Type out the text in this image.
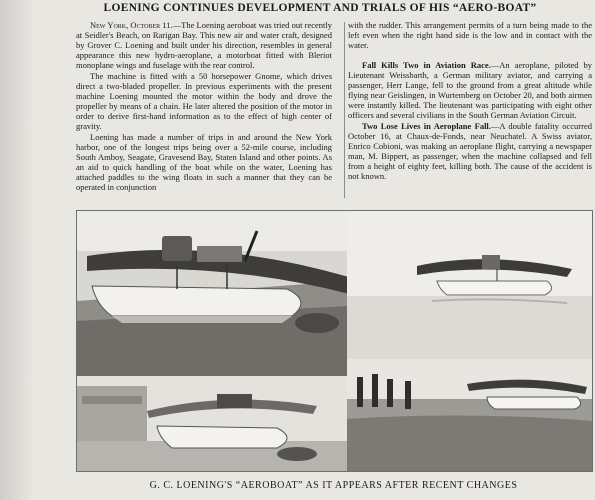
LOENING CONTINUES DEVELOPMENT AND TRIALS OF HIS “AERO-BOAT”

New York, October 11.—The Loening aeroboat was tried out recently at Seidler's Beach, on Rarigan Bay. This new air and water craft, designed by Grover C. Loening and built under his direction, resembles in general appearance this new hydro-aeroplane, a motorboat fitted with Bleriot monoplane wings and fuselage with the rear control.

The machine is fitted with a 50 horsepower Gnome, which drives direct a two-bladed propeller. In previous experiments with the present machine Loening mounted the motor within the body and drove the propeller by means of a chain. He later altered the position of the motor in order to derive first-hand information as to the effect of high center of gravity.

Loening has made a number of trips in and around the New York harbor, one of the longest trips being over a 52-mile course, including South Amboy, Seagate, Gravesend Bay, Staten Island and other points. As an aid to quick handling of the boat while on the water, Loening has attached paddles to the wing floats in such a manner that they can be operated in conjunction

with the rudder. This arrangement permits of a turn being made to the left even when the right hand side is the low and in contact with the water.

Fall Kills Two in Aviation Race.—An aeroplane, piloted by Lieutenant Weissbarth, a German military aviator, and carrying a passenger, Herr Lange, fell to the ground from a great altitude while flying near Geislingen, in Wurtemberg on October 20, and both airmen were instantly killed. The lieutenant was participating with eight other officers and several civilians in the South German Aviation Circuit.

Two Lose Lives in Aeroplane Fall.—A double fatality occurred October 16, at Chaux-de-Fonds, near Neuchatel. A Swiss aviator, Enrico Cobioni, was making an aeroplane flight, carrying a newspaper man, M. Bippert, as passenger, when the machine collapsed and fell from a height of eighty feet, killing both. The cause of the accident is not known.

G. C. LOENING'S “AEROBOAT” AS IT APPEARS AFTER RECENT CHANGES
